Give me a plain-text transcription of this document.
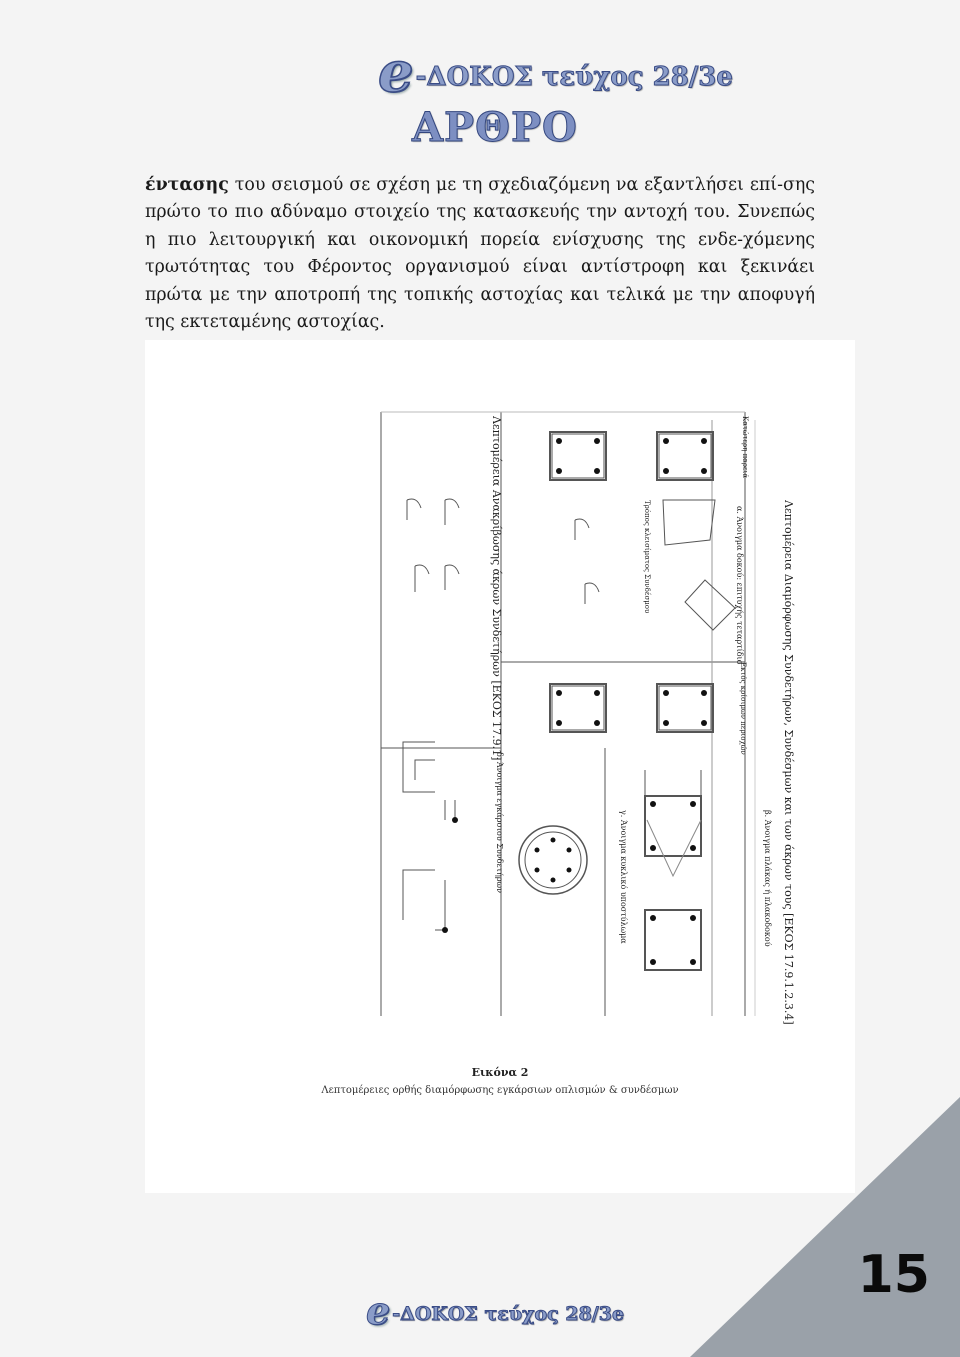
e -ΔΟΚΟΣ τεύχος 28/3e
ΑΡΘΡΟ
έντασης του σεισμού σε σχέση με τη σχεδιαζόμενη να εξαντλήσει επί-σης πρώτο το πιο αδύναμο στοιχείο της κατασκευής την αντοχή του. Συνεπώς η πιο λειτουργική και οικονομική πορεία ενίσχυσης της ενδε-χόμενης τρωτότητας του Φέροντος οργανισμού είναι αντίστροφη και ξεκινάει πρώτα με την αποτροπή της τοπικής αστοχίας και τελικά με την αποφυγή της εκτεταμένης αστοχίας.
Λεπτομέρεια Ανακρίβωσης άκρων Συνδετήρων [ΕΚΟΣ 17.9.1]	Λεπτομέρεια Διαμόρφωσης Συνδετήρων, Συνδέσμων και των άκρων τους [ΕΚΟΣ 17.9.1.2.3.4]
α. Άνοιγμα δοκού: επιτυχής τεταρτίδιο
β. Άνοιγμα πλάκας ή πλακοδοκού
γ. Άνοιγμα κυκλικό υποστύλωμα
δ. Άνοιγμα εγκάρσιου Συνδετήρων
Κατώτερη παρειά
Τρόπος κλεισίματος Συνδέσμου
Εκτός κρίσιμων περιοχών
Εικόνα 2
Λεπτομέρειες ορθής διαμόρφωσης εγκάρσιων οπλισμών & συνδέσμων
15
e -ΔΟΚΟΣ τεύχος 28/3e
